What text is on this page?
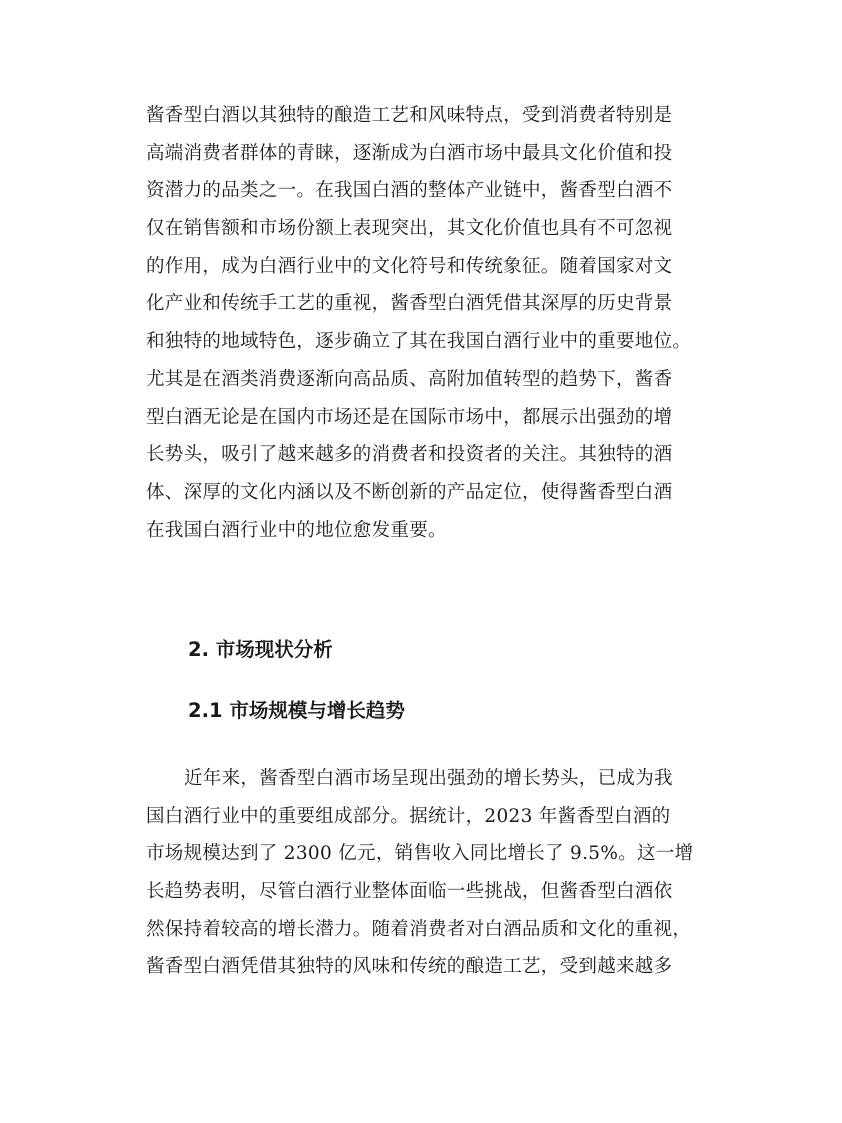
酱香型白酒以其独特的酿造工艺和风味特点，受到消费者特别是
高端消费者群体的青睐，逐渐成为白酒市场中最具文化价值和投
资潜力的品类之一。在我国白酒的整体产业链中，酱香型白酒不
仅在销售额和市场份额上表现突出，其文化价值也具有不可忽视
的作用，成为白酒行业中的文化符号和传统象征。随着国家对文
化产业和传统手工艺的重视，酱香型白酒凭借其深厚的历史背景
和独特的地域特色，逐步确立了其在我国白酒行业中的重要地位。
尤其是在酒类消费逐渐向高品质、高附加值转型的趋势下，酱香
型白酒无论是在国内市场还是在国际市场中，都展示出强劲的增
长势头，吸引了越来越多的消费者和投资者的关注。其独特的酒
体、深厚的文化内涵以及不断创新的产品定位，使得酱香型白酒
在我国白酒行业中的地位愈发重要。
2. 市场现状分析
2.1 市场规模与增长趋势
近年来，酱香型白酒市场呈现出强劲的增长势头，已成为我
国白酒行业中的重要组成部分。据统计，2023 年酱香型白酒的
市场规模达到了 2300 亿元，销售收入同比增长了 9.5%。这一增
长趋势表明，尽管白酒行业整体面临一些挑战，但酱香型白酒依
然保持着较高的增长潜力。随着消费者对白酒品质和文化的重视，
酱香型白酒凭借其独特的风味和传统的酿造工艺，受到越来越多
